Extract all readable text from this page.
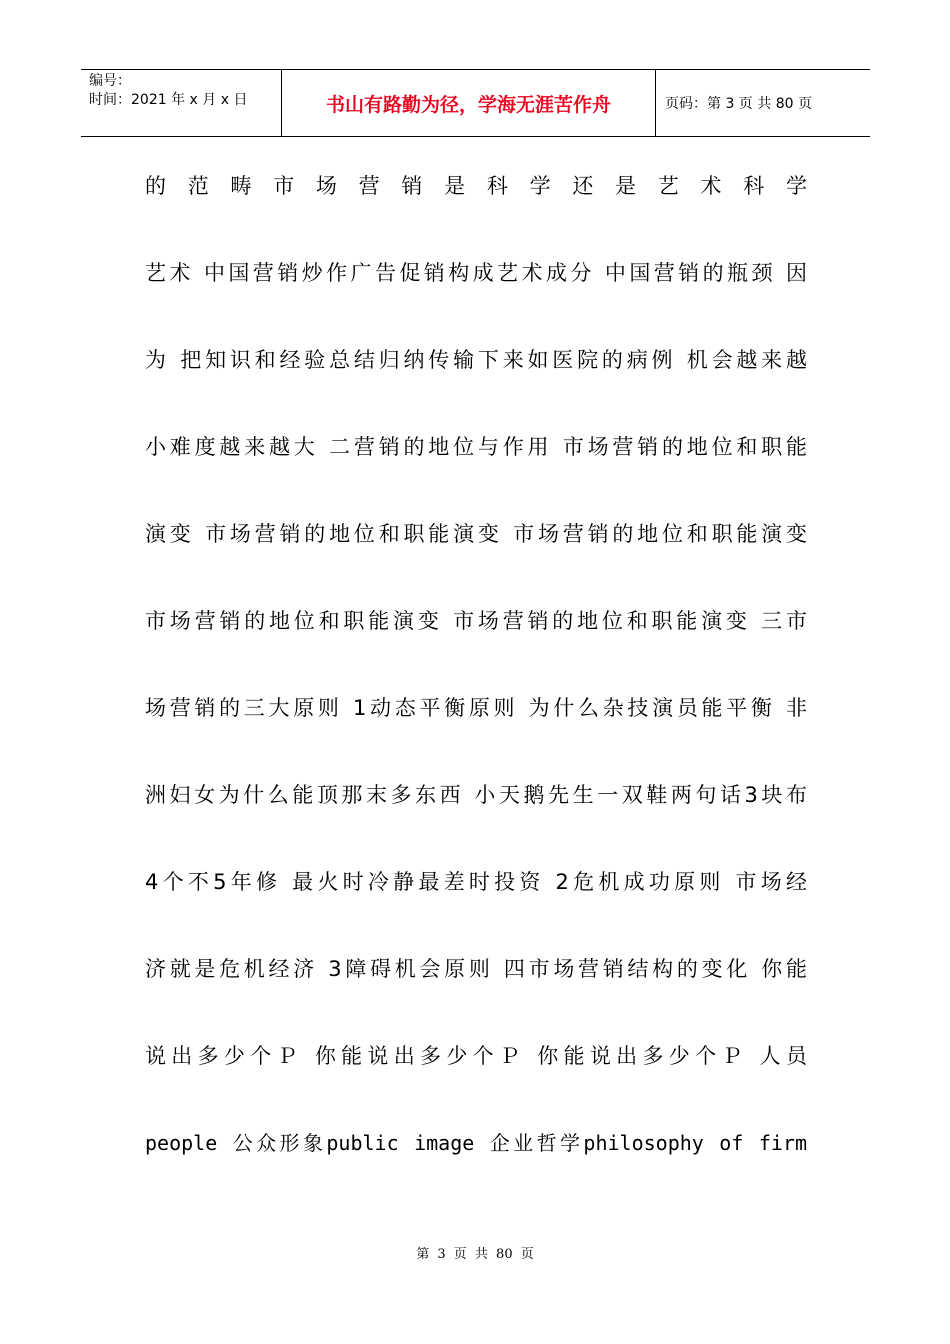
编号：
时间：2021 年 x 月 x 日	书山有路勤为径，学海无涯苦作舟	页码：第 3 页 共 80 页
的 范 畴 市 场 营 销 是 科 学 还 是 艺 术 科 学
艺术 中国营销炒作广告促销构成艺术成分 中国营销的瓶颈 因
为 把知识和经验总结归纳传输下来如医院的病例 机会越来越
小难度越来越大 二营销的地位与作用 市场营销的地位和职能
演变 市场营销的地位和职能演变 市场营销的地位和职能演变
市场营销的地位和职能演变 市场营销的地位和职能演变 三市
场营销的三大原则 1动态平衡原则 为什么杂技演员能平衡 非
洲妇女为什么能顶那末多东西 小天鹅先生一双鞋两句话3块布
4个不5年修 最火时冷静最差时投资 2危机成功原则 市场经
济就是危机经济 3障碍机会原则 四市场营销结构的变化 你能
说出多少个Ｐ 你能说出多少个Ｐ 你能说出多少个Ｐ 人员
people 公众形象public image 企业哲学philosophy of firm
第 3 页 共 80 页
